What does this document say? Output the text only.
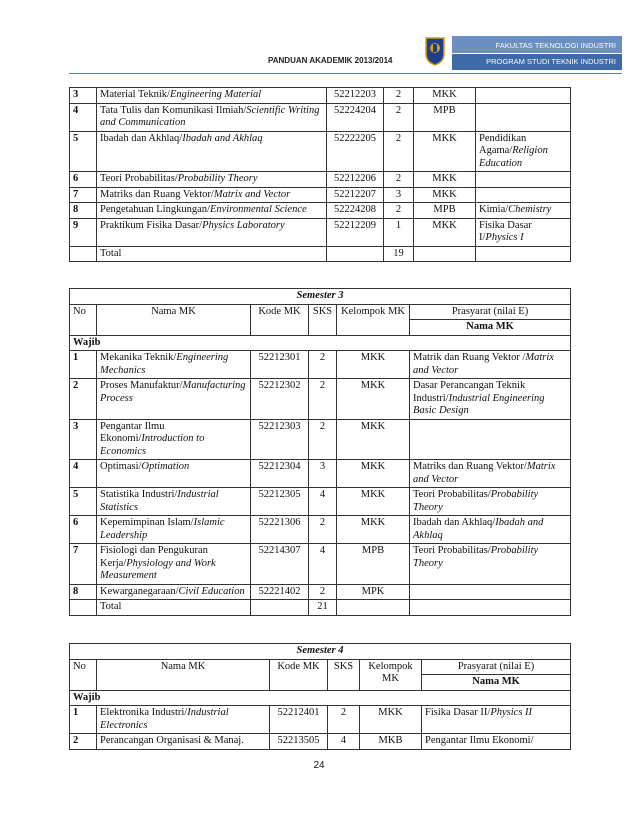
PANDUAN AKADEMIK 2013/2014
FAKULTAS TEKNOLOGI INDUSTRI
PROGRAM STUDI TEKNIK INDUSTRI
3	Material Teknik/Engineering Material	52212203	2	MKK	
4	Tata Tulis dan Komunikasi Ilmiah/Scientific Writing and Communication	52224204	2	MPB	
5	Ibadah dan Akhlaq/Ibadah and Akhlaq	52222205	2	MKK	Pendidikan Agama/Religion Education
6	Teori Probabilitas/Probability Theory	52212206	2	MKK	
7	Matriks dan Ruang Vektor/Matrix and Vector	52212207	3	MKK	
8	Pengetahuan Lingkungan/Environmental Science	52224208	2	MPB	Kimia/Chemistry
9	Praktikum Fisika Dasar/Physics Laboratory	52212209	1	MKK	Fisika Dasar I/Physics I
	Total		19		
Semester 3					
No	Nama MK	Kode MK	SKS	Kelompok MK	Prasyarat (nilai E)
					Nama MK
Wajib					
1	Mekanika Teknik/Engineering Mechanics	52212301	2	MKK	Matrik dan Ruang Vektor /Matrix and Vector
2	Proses Manufaktur/Manufacturing Process	52212302	2	MKK	Dasar Perancangan Teknik Industri/Industrial Engineering Basic Design
3	Pengantar Ilmu Ekonomi/Introduction to Economics	52212303	2	MKK	
4	Optimasi/Optimation	52212304	3	MKK	Matriks dan Ruang Vektor/Matrix and Vector
5	Statistika Industri/Industrial Statistics	52212305	4	MKK	Teori Probabilitas/Probability Theory
6	Kepemimpinan Islam/Islamic Leadership	52221306	2	MKK	Ibadah dan Akhlaq/Ibadah and Akhlaq
7	Fisiologi dan Pengukuran Kerja/Physiology and Work Measurement	52214307	4	MPB	Teori Probabilitas/Probability Theory
8	Kewarganegaraan/Civil Education	52221402	2	MPK	
	Total		21		
Semester 4					
No	Nama MK	Kode MK	SKS	Kelompok MK	Prasyarat (nilai E)
					Nama MK
Wajib					
1	Elektronika Industri/Industrial Electronics	52212401	2	MKK	Fisika Dasar II/Physics II
2	Perancangan Organisasi & Manaj.	52213505	4	MKB	Pengantar Ilmu Ekonomi/
24
